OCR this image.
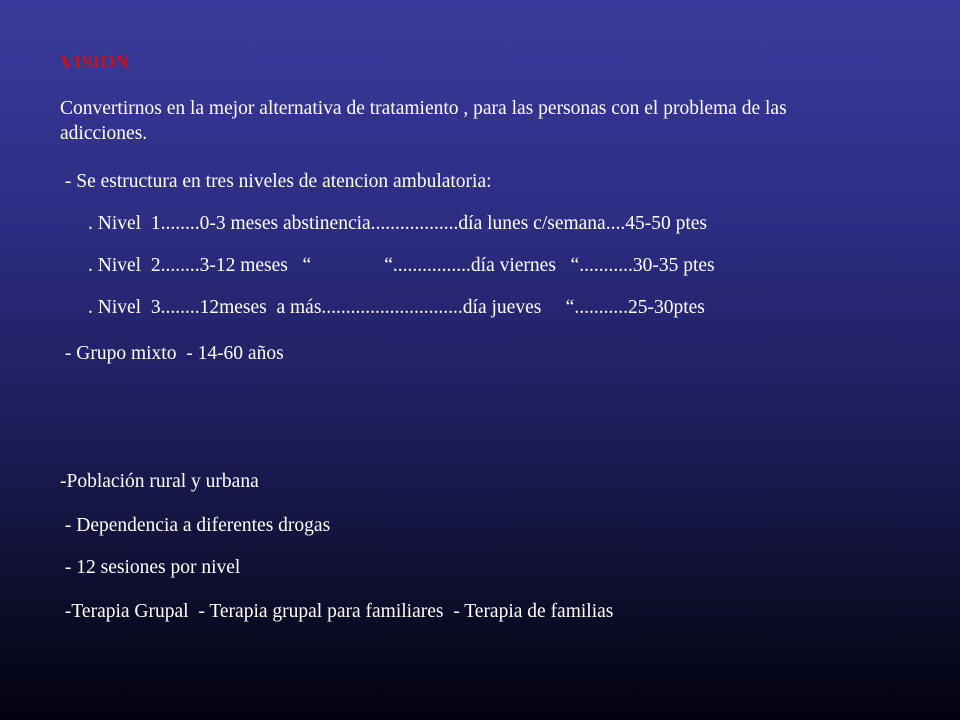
VISION
Convertirnos en la mejor alternativa de tratamiento , para las personas con el problema de las adicciones.
- Se estructura en tres niveles de atencion ambulatoria:
. Nivel  1........0-3 meses abstinencia..................día lunes c/semana....45-50 ptes
. Nivel  2........3-12 meses   “               “................día viernes   “...........30-35 ptes
. Nivel  3........12meses  a más.............................día jueves     “...........25-30ptes
- Grupo mixto  - 14-60 años
-Población rural y urbana
- Dependencia a diferentes drogas
- 12 sesiones por nivel
-Terapia Grupal  - Terapia grupal para familiares  - Terapia de familias
